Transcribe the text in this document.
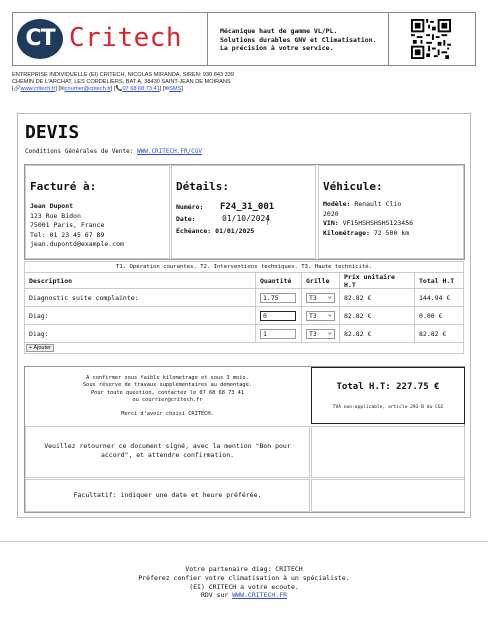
CT Critech	Mécanique haut de gamme VL/PL.
Solutions durables GNV et Climatisation.
La précision à votre service.
ENTREPRISE INDIVIDUELLE (EI) CRITECH, NICOLAS MIRANDA, SIREN: 930 843 339
CHEMIN DE L'ARCHAT, LES CORDELIERS, BAT A, 38430 SAINT-JEAN DE MOIRANS
[🔗www.critech.fr] [✉courrier@critech.fr] [📞07 68 68 73 41] [✉SMS]
DEVIS
Conditions Générales de Vente: WWW.CRITECH.FR/CGV
Facturé à:
Jean Dupont
123 Rue Bidon
75001 Paris, France
Tel: 01 23 45 67 89
jean.dupontd@example.com
Détails:
Numéro: F24_31_001
Date:	01/10/2024
Échéance: 01/01/2025
Véhicule:
Modèle: Renault Clio
2020
VIN: VF15HSHSHSHS123456
Kilométrage: 72 500 km
T1. Opération courantes. T2. Interventions techniques. T3. Haute technicité.
Description	Quantité	Grille	Prix unitaire H.T	Total H.T
Diagnostic suite complainte:	1.75	T3 ⌄	82.82 €	144.94 €
Diag:	0	T3 ⌄	82.82 €	0.00 €
Diag:	1	T3 ⌄	82.82 €	82.82 €
+ Ajouter
A confirmer sous faible kilometrage et sous 3 mois.
Sous réserve de travaux supplementaires au démontage.
Pour toute question, contactez le 07 68 68 73 41
ou courrier@critech.fr
Merci d'avoir choisi CRITECH.
Total H.T: 227.75 €
TVA non-applicable, article 293 B du CGI
Veuillez retourner ce document signé, avec la mention "Bon pour
accord", et attendre confirmation.
Facultatif: indiquer une date et heure préférée.
Votre partenaire diag: CRITECH
Préferez confier votre climatisation à un spécialiste.
(EI) CRITECH a votre ecoute.
RDV sur WWW.CRITECH.FR
